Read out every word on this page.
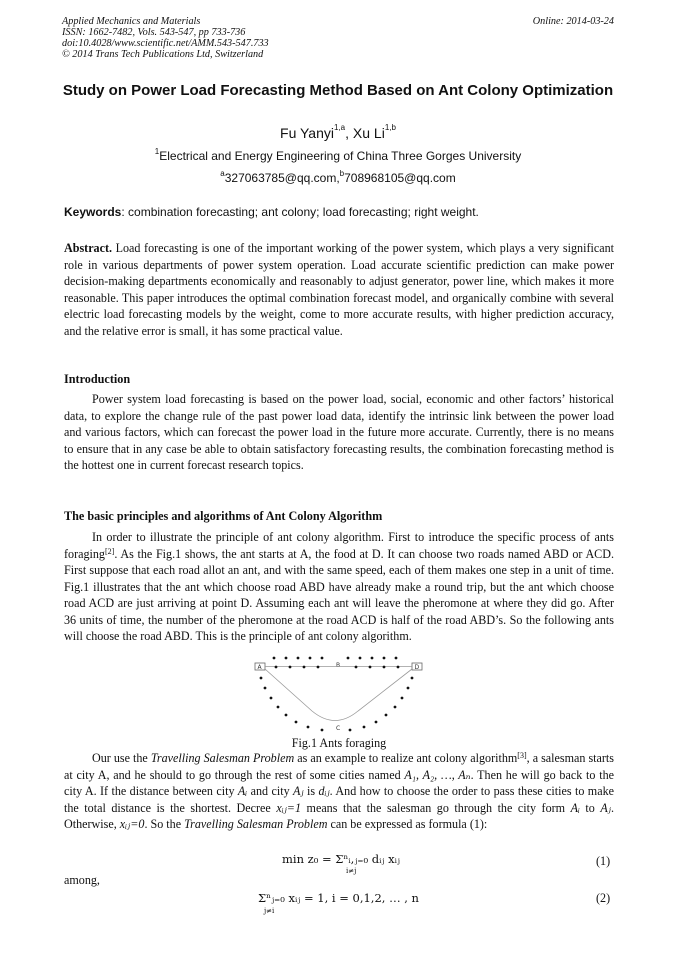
Applied Mechanics and Materials
ISSN: 1662-7482, Vols. 543-547, pp 733-736
doi:10.4028/www.scientific.net/AMM.543-547.733
© 2014 Trans Tech Publications Ltd, Switzerland
Online: 2014-03-24
Study on Power Load Forecasting Method Based on Ant Colony Optimization
Fu Yanyi$^{1,a}$, Xu Li$^{1,b}$
$^1$Electrical and Energy Engineering of China Three Gorges University
$^a$327063785@qq.com,$^b$708968105@qq.com
Keywords: combination forecasting; ant colony; load forecasting; right weight.
Abstract. Load forecasting is one of the important working of the power system, which plays a very significant role in various departments of power system operation. Load accurate scientific prediction can make power decision-making departments economically and reasonably to adjust generator, power line, which makes it more reasonable. This paper introduces the optimal combination forecast model, and organically combine with several electric load forecasting models by the weight, come to more accurate results, with higher prediction accuracy, and the relative error is small, it has some practical value.
Introduction
Power system load forecasting is based on the power load, social, economic and other factors’ historical data, to explore the change rule of the past power load data, identify the intrinsic link between the power load and various factors, which can forecast the power load in the future more accurate. Currently, there is no means to ensure that in any case be able to obtain satisfactory forecasting results, the combination forecasting method is the hottest one in current forecast research topics.
The basic principles and algorithms of Ant Colony Algorithm
In order to illustrate the principle of ant colony algorithm. First to introduce the specific process of ants foraging[2]. As the Fig.1 shows, the ant starts at A, the food at D. It can choose two roads named ABD or ACD. First suppose that each road allot an ant, and with the same speed, each of them makes one step in a unit of time. Fig.1 illustrates that the ant which choose road ABD have already make a round trip, but the ant which choose road ACD are just arriving at point D. Assuming each ant will leave the pheromone at where they did go. After 36 units of time, the number of the pheromone at the road ACD is half of the road ABD’s. So the following ants will choose the road ABD. This is the principle of ant colony algorithm.
A	D
B
C
Fig.1 Ants foraging
Our use the Travelling Salesman Problem as an example to realize ant colony algorithm[3], a salesman starts at city A, and he should to go through the rest of some cities named A₁, A₂, …, Aₙ. Then he will go back to the city A. If the distance between city Aᵢ and city Aⱼ is dᵢⱼ. And how to choose the order to pass these cities to make the total distance is the shortest. Decree xᵢⱼ=1 means that the salesman go through the city form Aᵢ to Aⱼ. Otherwise, xᵢⱼ=0. So the Travelling Salesman Problem can be expressed as formula (1):
min z₀ = Σⁿᵢ,ⱼ₌₀ dᵢⱼ xᵢⱼ
i≠j
(1)
among,
Σⁿⱼ₌₀ xᵢⱼ = 1, i = 0,1,2, … , n
j≠i
(2)
